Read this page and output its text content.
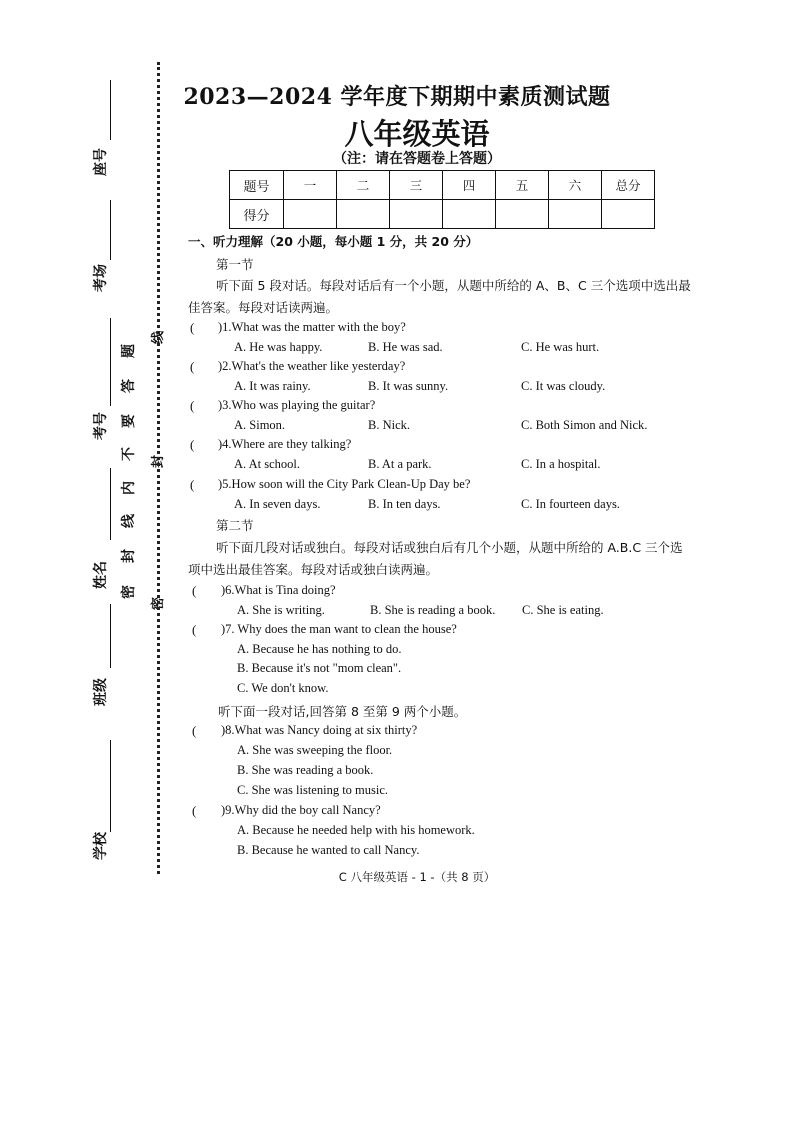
座号
考场
考号
姓名
班级
学校
密
封
线
内
不
要
答
题
线
封
密
2023—2024 学年度下期期中素质测试题
八年级英语
（注：请在答题卷上答题）
题号	一	二	三	四	五	六	总分
得分							
一、听力理解（20 小题，每小题 1 分，共 20 分）
第一节
听下面 5 段对话。每段对话后有一个小题，从题中所给的 A、B、C 三个选项中选出最
佳答案。每段对话读两遍。
( )1.What was the matter with the boy?
A. He was happy.	B. He was sad.	C. He was hurt.
( )2.What's the weather like yesterday?
A. It was rainy.	B. It was sunny.	C. It was cloudy.
( )3.Who was playing the guitar?
A. Simon.	B. Nick.	C. Both Simon and Nick.
( )4.Where are they talking?
A. At school.	B. At a park.	C. In a hospital.
( )5.How soon will the City Park Clean-Up Day be?
A. In seven days.	B. In ten days.	C. In fourteen days.
第二节
听下面几段对话或独白。每段对话或独白后有几个小题，从题中所给的 A.B.C 三个选
项中选出最佳答案。每段对话或独白读两遍。
( )6.What is Tina doing?
A. She is writing.	B. She is reading a book. C. She is eating.
( )7. Why does the man want to clean the house?
A. Because he has nothing to do.
B. Because it's not "mom clean".
C. We don't know.
听下面一段对话,回答第 8 至第 9 两个小题。
( )8.What was Nancy doing at six thirty?
A. She was sweeping the floor.
B. She was reading a book.
C. She was listening to music.
( )9.Why did the boy call Nancy?
A. Because he needed help with his homework.
B. Because he wanted to call Nancy.
C 八年级英语 - 1 -（共 8 页）
